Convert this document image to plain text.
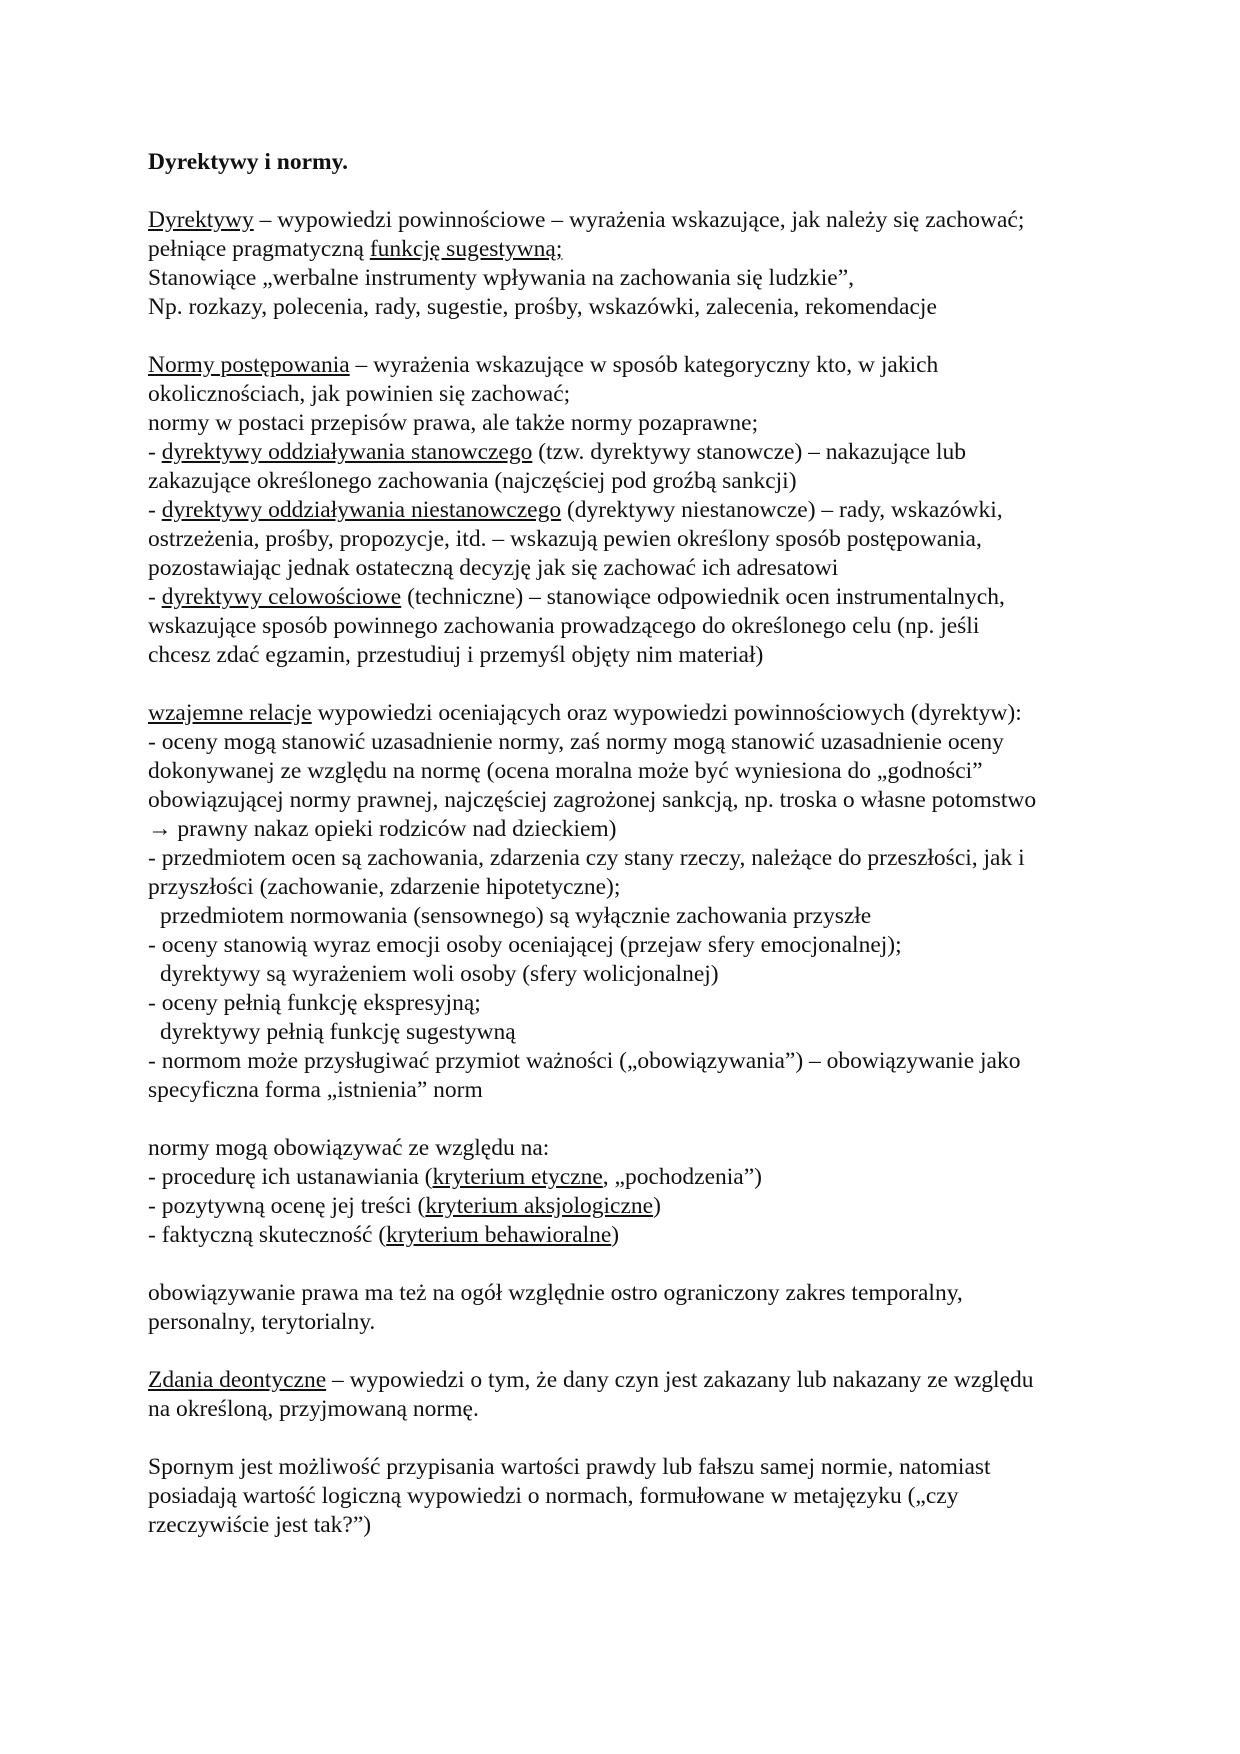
Dyrektywy i normy.
Dyrektywy – wypowiedzi powinnościowe – wyrażenia wskazujące, jak należy się zachować;
pełniące pragmatyczną funkcję sugestywną;
Stanowiące „werbalne instrumenty wpływania na zachowania się ludzkie”,
Np. rozkazy, polecenia, rady, sugestie, prośby, wskazówki, zalecenia, rekomendacje
Normy postępowania – wyrażenia wskazujące w sposób kategoryczny kto, w jakich
okolicznościach, jak powinien się zachować;
normy w postaci przepisów prawa, ale także normy pozaprawne;
- dyrektywy oddziaływania stanowczego (tzw. dyrektywy stanowcze) – nakazujące lub
zakazujące określonego zachowania (najczęściej pod groźbą sankcji)
- dyrektywy oddziaływania niestanowczego (dyrektywy niestanowcze) – rady, wskazówki,
ostrzeżenia, prośby, propozycje, itd. – wskazują pewien określony sposób postępowania,
pozostawiając jednak ostateczną decyzję jak się zachować ich adresatowi
- dyrektywy celowościowe (techniczne) – stanowiące odpowiednik ocen instrumentalnych,
wskazujące sposób powinnego zachowania prowadzącego do określonego celu (np. jeśli
chcesz zdać egzamin, przestudiuj i przemyśl objęty nim materiał)
wzajemne relacje wypowiedzi oceniających oraz wypowiedzi powinnościowych (dyrektyw):
- oceny mogą stanowić uzasadnienie normy, zaś normy mogą stanowić uzasadnienie oceny
dokonywanej ze względu na normę (ocena moralna może być wyniesiona do „godności”
obowiązującej normy prawnej, najczęściej zagrożonej sankcją, np. troska o własne potomstwo
→ prawny nakaz opieki rodziców nad dzieckiem)
- przedmiotem ocen są zachowania, zdarzenia czy stany rzeczy, należące do przeszłości, jak i
przyszłości (zachowanie, zdarzenie hipotetyczne);
przedmiotem normowania (sensownego) są wyłącznie zachowania przyszłe
- oceny stanowią wyraz emocji osoby oceniającej (przejaw sfery emocjonalnej);
dyrektywy są wyrażeniem woli osoby (sfery wolicjonalnej)
- oceny pełnią funkcję ekspresyjną;
dyrektywy pełnią funkcję sugestywną
- normom może przysługiwać przymiot ważności („obowiązywania”) – obowiązywanie jako
specyficzna forma „istnienia” norm
normy mogą obowiązywać ze względu na:
- procedurę ich ustanawiania (kryterium etyczne, „pochodzenia”)
- pozytywną ocenę jej treści (kryterium aksjologiczne)
- faktyczną skuteczność (kryterium behawioralne)
obowiązywanie prawa ma też na ogół względnie ostro ograniczony zakres temporalny,
personalny, terytorialny.
Zdania deontyczne – wypowiedzi o tym, że dany czyn jest zakazany lub nakazany ze względu
na określoną, przyjmowaną normę.
Spornym jest możliwość przypisania wartości prawdy lub fałszu samej normie, natomiast
posiadają wartość logiczną wypowiedzi o normach, formułowane w metajęzyku („czy
rzeczywiście jest tak?”)
